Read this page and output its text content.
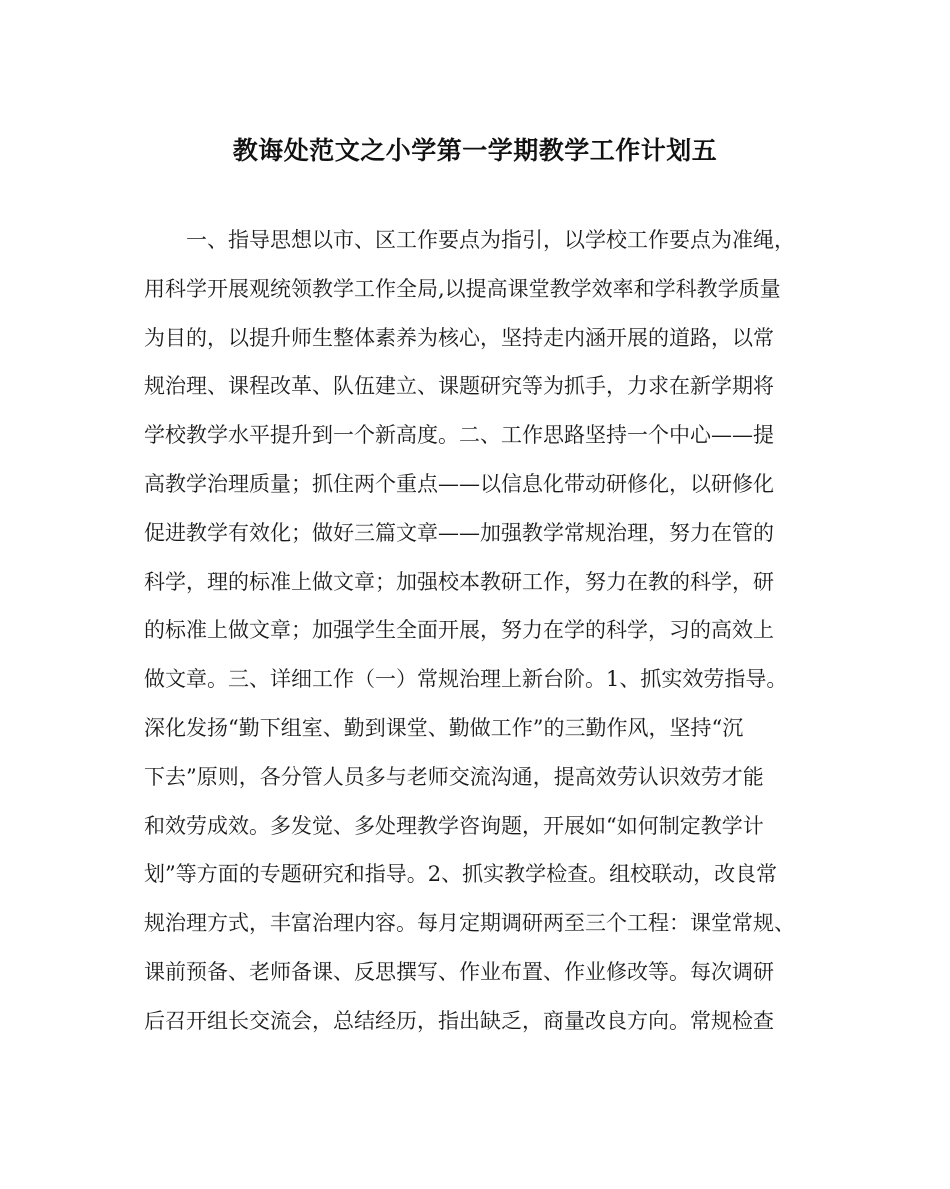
教诲处范文之小学第一学期教学工作计划五
一、指导思想以市、区工作要点为指引，以学校工作要点为准绳，
用科学开展观统领教学工作全局,以提高课堂教学效率和学科教学质量
为目的，以提升师生整体素养为核心，坚持走内涵开展的道路，以常
规治理、课程改革、队伍建立、课题研究等为抓手，力求在新学期将
学校教学水平提升到一个新高度。二、工作思路坚持一个中心——提
高教学治理质量；抓住两个重点——以信息化带动研修化，以研修化
促进教学有效化；做好三篇文章——加强教学常规治理，努力在管的
科学，理的标准上做文章；加强校本教研工作，努力在教的科学，研
的标准上做文章；加强学生全面开展，努力在学的科学，习的高效上
做文章。三、详细工作（一）常规治理上新台阶。1、抓实效劳指导。
深化发扬“勤下组室、勤到课堂、勤做工作”的三勤作风，坚持“沉
下去”原则，各分管人员多与老师交流沟通，提高效劳认识效劳才能
和效劳成效。多发觉、多处理教学咨询题，开展如“如何制定教学计
划”等方面的专题研究和指导。2、抓实教学检查。组校联动，改良常
规治理方式，丰富治理内容。每月定期调研两至三个工程：课堂常规、
课前预备、老师备课、反思撰写、作业布置、作业修改等。每次调研
后召开组长交流会，总结经历，指出缺乏，商量改良方向。常规检查
